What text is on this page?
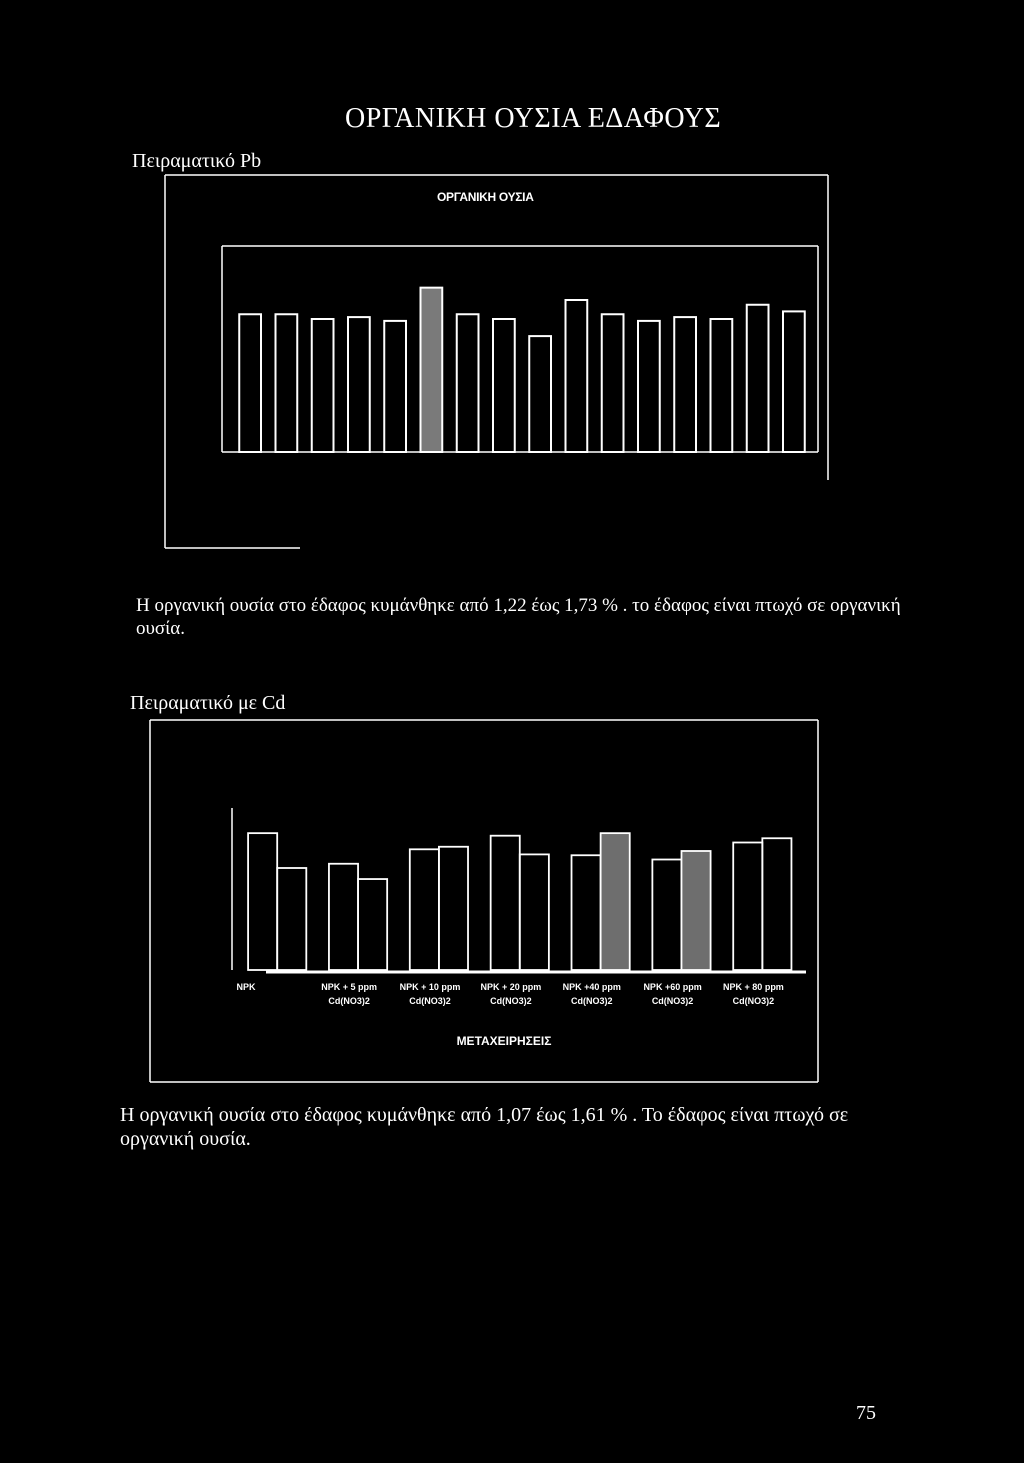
ΟΡΓΑΝΙΚΗ ΟΥΣΙΑ ΕΔΑΦΟΥΣ
Πειραματικό Pb
ΟΡΓΑΝΙΚΗ ΟΥΣΙΑ
Η οργανική ουσία στο έδαφος κυμάνθηκε από 1,22 έως 1,73 % . το έδαφος είναι πτωχό σε οργανική ουσία.
Πειραματικό με Cd
NPK	NPK + 5 ppm
Cd(NO3)2
NPK + 10 ppm
Cd(NO3)2
NPK + 20 ppm
Cd(NO3)2
NPK +40 ppm
Cd(NO3)2
NPK +60 ppm
Cd(NO3)2
NPK + 80 ppm
Cd(NO3)2
ΜΕΤΑΧΕΙΡΗΣΕΙΣ
Η οργανική ουσία στο έδαφος κυμάνθηκε από 1,07 έως 1,61 % . Το έδαφος είναι πτωχό σε οργανική ουσία.
75
